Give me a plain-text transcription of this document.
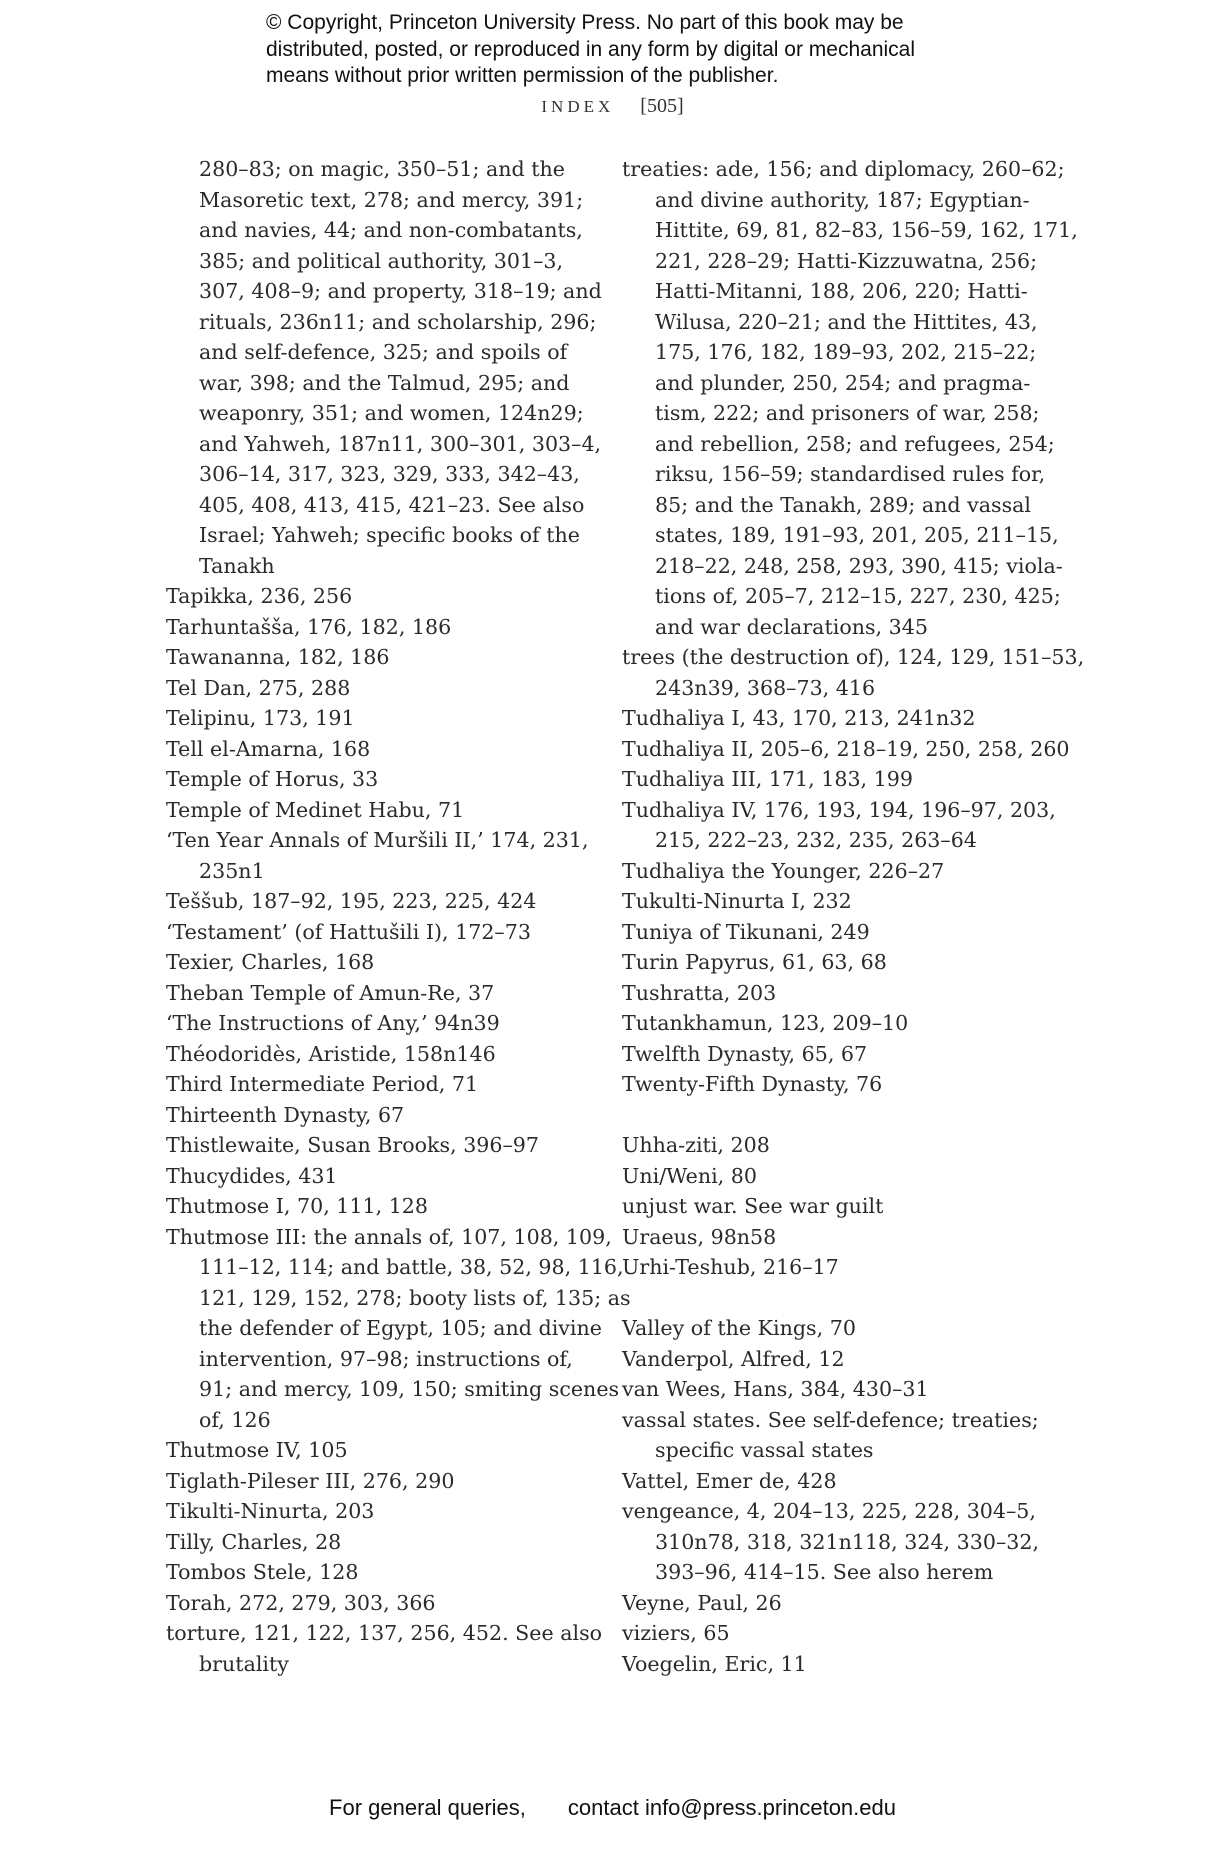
© Copyright, Princeton University Press. No part of this book may be
distributed, posted, or reproduced in any form by digital or mechanical
means without prior written permission of the publisher.
INDEX [505]
280–83; on magic, 350–51; and the
Masoretic text, 278; and mercy, 391;
and navies, 44; and non-combatants,
385; and political authority, 301–3,
307, 408–9; and property, 318–19; and
rituals, 236n11; and scholarship, 296;
and self-defence, 325; and spoils of
war, 398; and the Talmud, 295; and
weaponry, 351; and women, 124n29;
and Yahweh, 187n11, 300–301, 303–4,
306–14, 317, 323, 329, 333, 342–43,
405, 408, 413, 415, 421–23. See also
Israel; Yahweh; specific books of the
Tanakh
Tapikka, 236, 256
Tarhuntašša, 176, 182, 186
Tawananna, 182, 186
Tel Dan, 275, 288
Telipinu, 173, 191
Tell el-Amarna, 168
Temple of Horus, 33
Temple of Medinet Habu, 71
‘Ten Year Annals of Muršili II,’ 174, 231,
235n1
Teššub, 187–92, 195, 223, 225, 424
‘Testament’ (of Hattušili I), 172–73
Texier, Charles, 168
Theban Temple of Amun-Re, 37
‘The Instructions of Any,’ 94n39
Théodoridès, Aristide, 158n146
Third Intermediate Period, 71
Thirteenth Dynasty, 67
Thistlewaite, Susan Brooks, 396–97
Thucydides, 431
Thutmose I, 70, 111, 128
Thutmose III: the annals of, 107, 108, 109,
111–12, 114; and battle, 38, 52, 98, 116,
121, 129, 152, 278; booty lists of, 135; as
the defender of Egypt, 105; and divine
intervention, 97–98; instructions of,
91; and mercy, 109, 150; smiting scenes
of, 126
Thutmose IV, 105
Tiglath-Pileser III, 276, 290
Tikulti-Ninurta, 203
Tilly, Charles, 28
Tombos Stele, 128
Torah, 272, 279, 303, 366
torture, 121, 122, 137, 256, 452. See also
brutality
treaties: ade, 156; and diplomacy, 260–62;
and divine authority, 187; Egyptian-
Hittite, 69, 81, 82–83, 156–59, 162, 171,
221, 228–29; Hatti-Kizzuwatna, 256;
Hatti-Mitanni, 188, 206, 220; Hatti-
Wilusa, 220–21; and the Hittites, 43,
175, 176, 182, 189–93, 202, 215–22;
and plunder, 250, 254; and pragma-
tism, 222; and prisoners of war, 258;
and rebellion, 258; and refugees, 254;
riksu, 156–59; standardised rules for,
85; and the Tanakh, 289; and vassal
states, 189, 191–93, 201, 205, 211–15,
218–22, 248, 258, 293, 390, 415; viola-
tions of, 205–7, 212–15, 227, 230, 425;
and war declarations, 345
trees (the destruction of), 124, 129, 151–53,
243n39, 368–73, 416
Tudhaliya I, 43, 170, 213, 241n32
Tudhaliya II, 205–6, 218–19, 250, 258, 260
Tudhaliya III, 171, 183, 199
Tudhaliya IV, 176, 193, 194, 196–97, 203,
215, 222–23, 232, 235, 263–64
Tudhaliya the Younger, 226–27
Tukulti-Ninurta I, 232
Tuniya of Tikunani, 249
Turin Papyrus, 61, 63, 68
Tushratta, 203
Tutankhamun, 123, 209–10
Twelfth Dynasty, 65, 67
Twenty-Fifth Dynasty, 76
Uhha-ziti, 208
Uni/Weni, 80
unjust war. See war guilt
Uraeus, 98n58
Urhi-Teshub, 216–17
Valley of the Kings, 70
Vanderpol, Alfred, 12
van Wees, Hans, 384, 430–31
vassal states. See self-defence; treaties;
specific vassal states
Vattel, Emer de, 428
vengeance, 4, 204–13, 225, 228, 304–5,
310n78, 318, 321n118, 324, 330–32,
393–96, 414–15. See also herem
Veyne, Paul, 26
viziers, 65
Voegelin, Eric, 11
For general queries, contact info@press.princeton.edu
